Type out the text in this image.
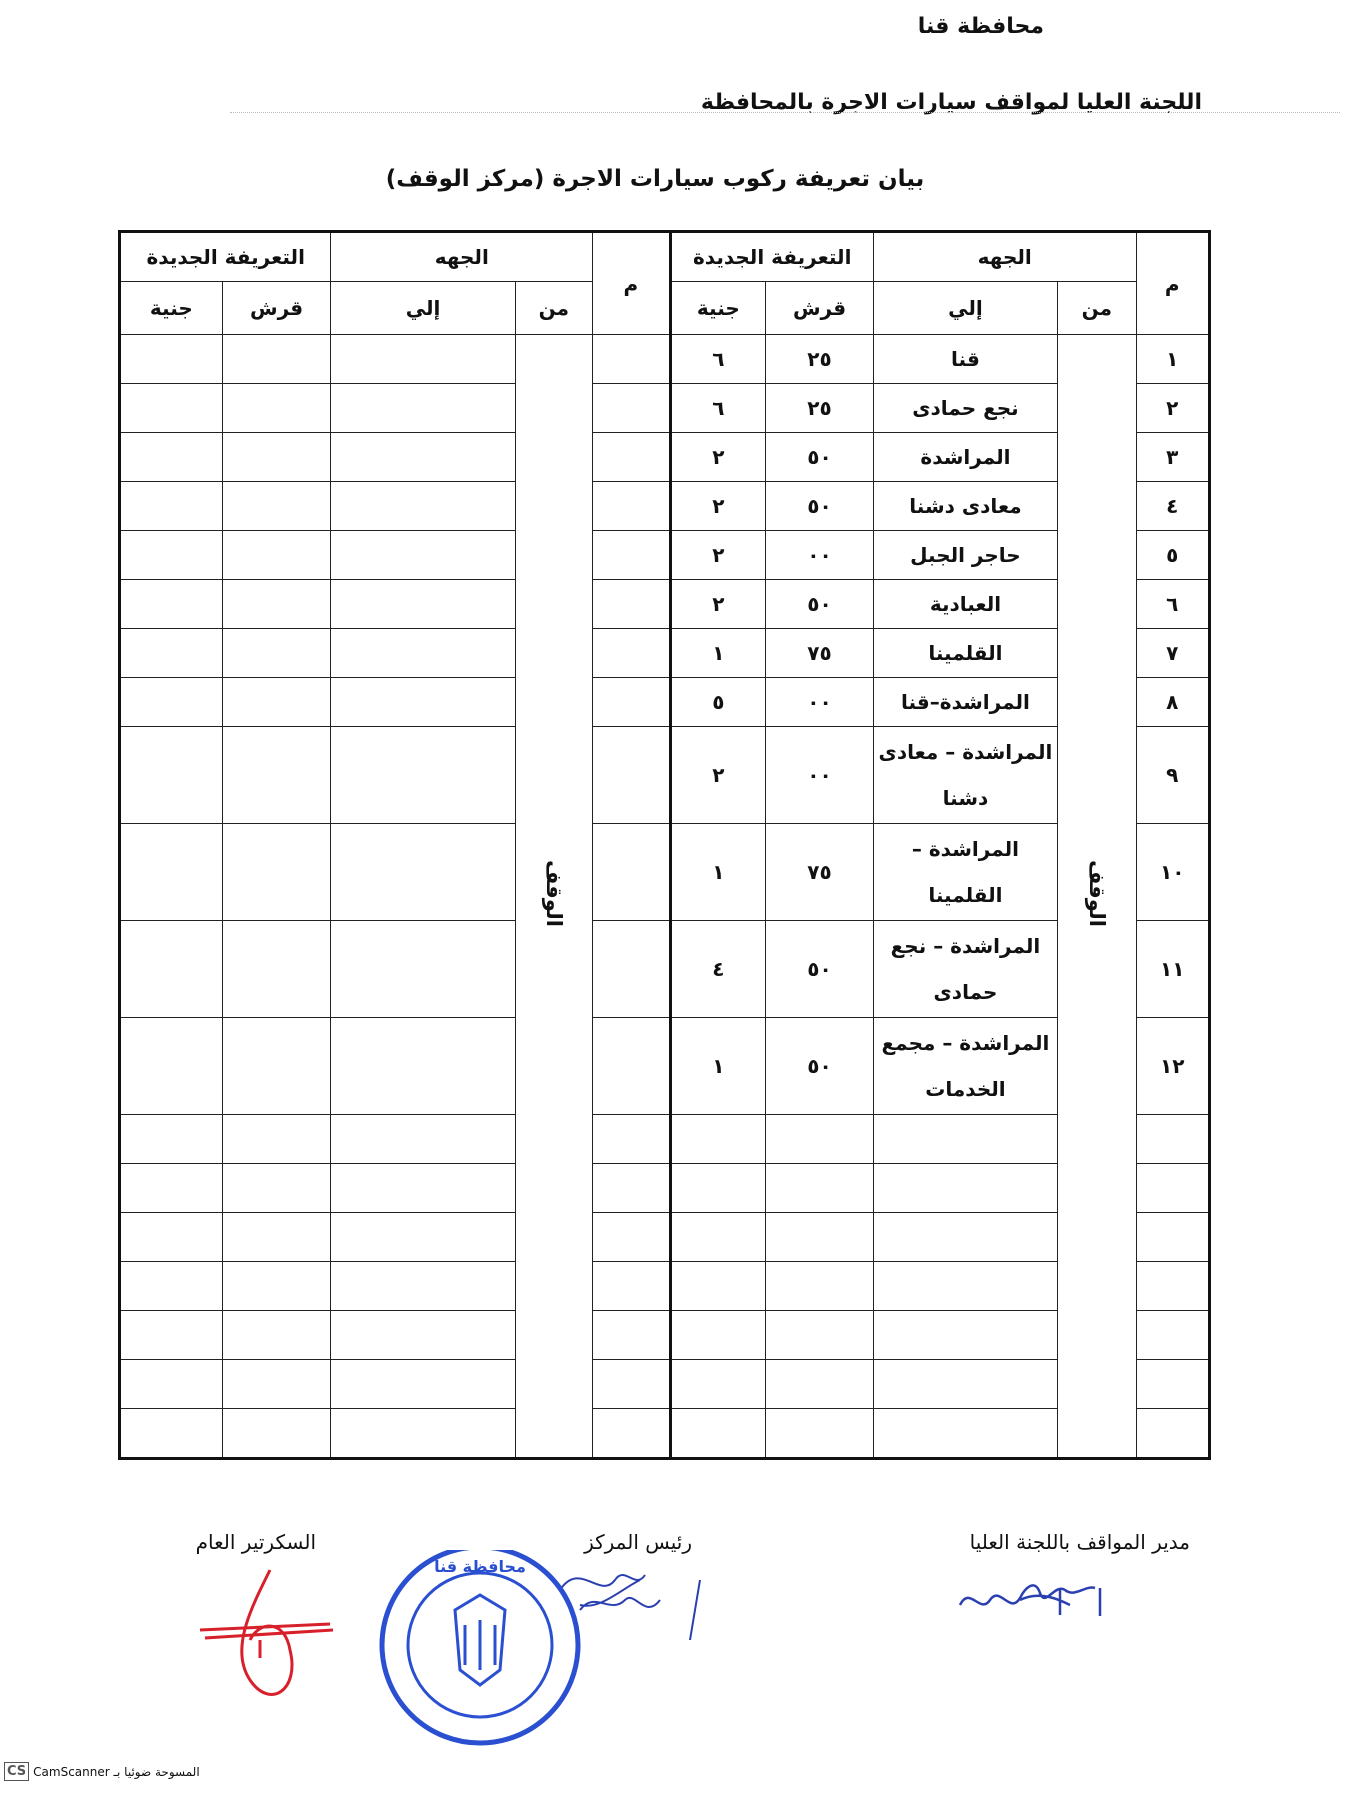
محافظة قنا
اللجنة العليا لمواقف سيارات الاجرة بالمحافظة
بيان تعريفة ركوب سيارات الاجرة (مركز الوقف)
م	الجهه		التعريفة الجديدة		م	الجهه		التعريفة الجديدة	
	من	إلي	قرش	جنية		من	إلي	قرش	جنية
١	الوقف	قنا	٢٥	٦		الوقف			
٢		نجع حمادى	٢٥	٦					
٣		المراشدة	٥٠	٢					
٤		معادى دشنا	٥٠	٢					
٥		حاجر الجبل	٠٠	٢					
٦		العبادية	٥٠	٢					
٧		القلمينا	٧٥	١					
٨		المراشدة–قنا	٠٠	٥					
٩		المراشدة – معادى دشنا	٠٠	٢					
١٠		المراشدة – القلمينا	٧٥	١					
١١		المراشدة – نجع حمادى	٥٠	٤					
١٢		المراشدة – مجمع الخدمات	٥٠	١					

مدير المواقف باللجنة العليا
رئيس المركز
السكرتير العام
محافظة قنا
CS CamScanner المسوحة ضوئيا بـ
